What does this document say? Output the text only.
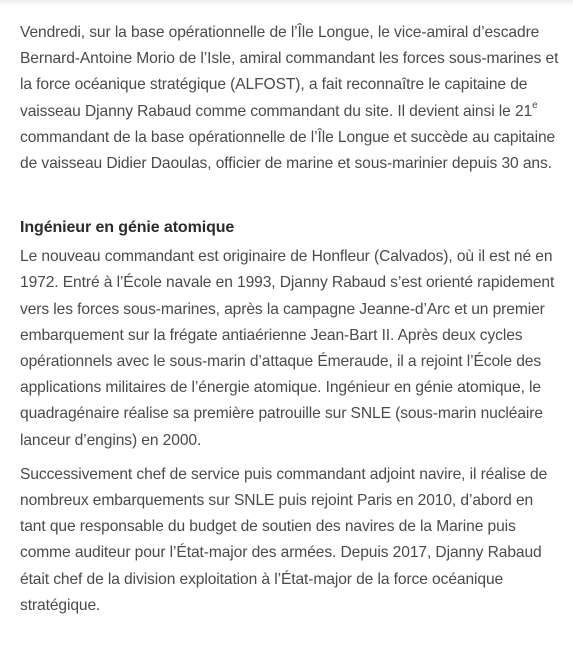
Vendredi, sur la base opérationnelle de l’Île Longue, le vice-amiral d’escadre Bernard-Antoine Morio de l’Isle, amiral commandant les forces sous-marines et la force océanique stratégique (ALFOST), a fait reconnaître le capitaine de vaisseau Djanny Rabaud comme commandant du site. Il devient ainsi le 21e commandant de la base opérationnelle de l’Île Longue et succède au capitaine de vaisseau Didier Daoulas, officier de marine et sous-marinier depuis 30 ans.

Ingénieur en génie atomique

Le nouveau commandant est originaire de Honfleur (Calvados), où il est né en 1972. Entré à l’École navale en 1993, Djanny Rabaud s’est orienté rapidement vers les forces sous-marines, après la campagne Jeanne-d’Arc et un premier embarquement sur la frégate antiaérienne Jean-Bart II. Après deux cycles opérationnels avec le sous-marin d’attaque Émeraude, il a rejoint l’École des applications militaires de l’énergie atomique. Ingénieur en génie atomique, le quadragénaire réalise sa première patrouille sur SNLE (sous-marin nucléaire lanceur d’engins) en 2000.

Successivement chef de service puis commandant adjoint navire, il réalise de nombreux embarquements sur SNLE puis rejoint Paris en 2010, d’abord en tant que responsable du budget de soutien des navires de la Marine puis comme auditeur pour l’État-major des armées. Depuis 2017, Djanny Rabaud était chef de la division exploitation à l’État-major de la force océanique stratégique.
